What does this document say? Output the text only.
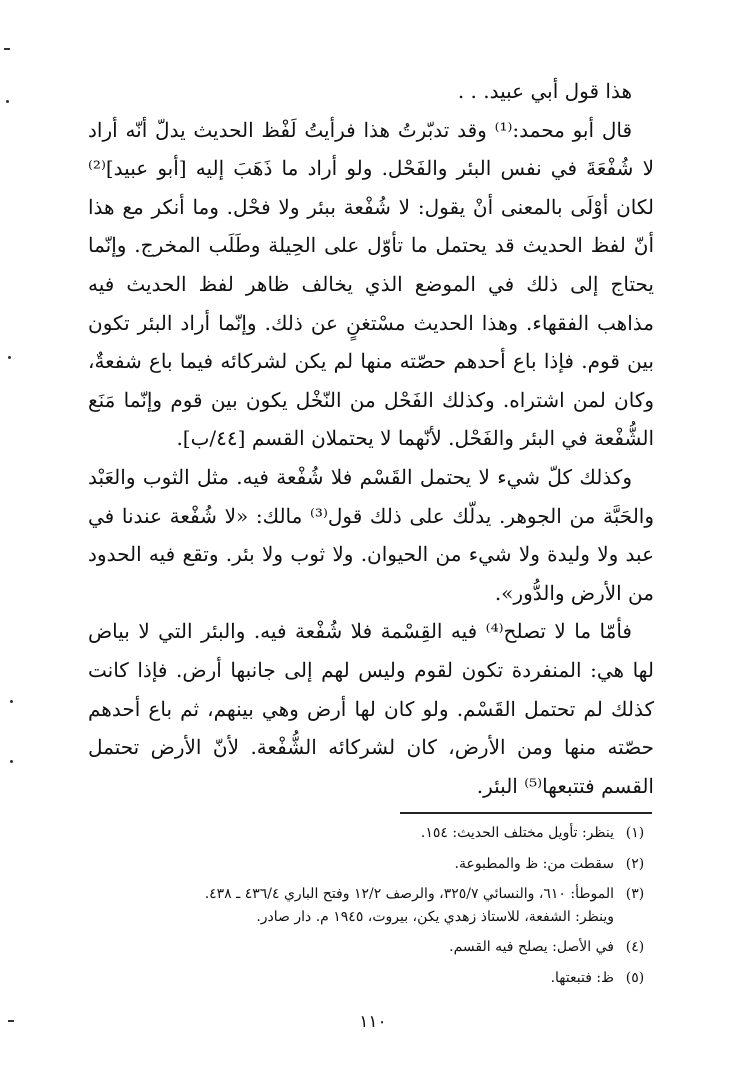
هذا قول أبي عبيد. . .

قال أبو محمد:⁽¹⁾ وقد تدبّرتُ هذا فرأيتُ لَفْظ الحديث يدلّ أنّه أراد لا شُفْعَةَ في نفس البئر والفَحْل. ولو أراد ما ذَهَبَ إليه [أبو عبيد]⁽²⁾ لكان أوْلَى بالمعنى أنْ يقول: لا شُفْعة ببئر ولا فحْل. وما أنكر مع هذا أنّ لفظ الحديث قد يحتمل ما تأوّل على الحِيلة وطَلَب المخرج. وإنّما يحتاج إلى ذلك في الموضع الذي يخالف ظاهر لفظ الحديث فيه مذاهب الفقهاء. وهذا الحديث مسْتغنٍ عن ذلك. وإنّما أراد البئر تكون بين قوم. فإذا باع أحدهم حصّته منها لم يكن لشركائه فيما باع شفعةٌ، وكان لمن اشتراه. وكذلك الفَحْل من النّخْل يكون بين قوم وإنّما مَنَع الشُّفْعة في البئر والفَحْل. لأنّهما لا يحتملان القسم [٤٤/ب].

وكذلك كلّ شيء لا يحتمل القَسْم فلا شُفْعة فيه. مثل الثوب والعَبْد والحَبَّة من الجوهر. يدلّك على ذلك قول⁽³⁾ مالك: «لا شُفْعة عندنا في عبد ولا وليدة ولا شيء من الحيوان. ولا ثوب ولا بئر. وتقع فيه الحدود من الأرض والدُّور».

فأمّا ما لا تصلح⁽⁴⁾ فيه القِسْمة فلا شُفْعة فيه. والبئر التي لا بياض لها هي: المنفردة تكون لقوم وليس لهم إلى جانبها أرض. فإذا كانت كذلك لم تحتمل القَسْم. ولو كان لها أرض وهي بينهم، ثم باع أحدهم حصّته منها ومن الأرض، كان لشركائه الشُّفْعة. لأنّ الأرض تحتمل القسم فتتبعها⁽⁵⁾ البئر.

(١)
ينظر: تأويل مختلف الحديث: ١٥٤.
(٢)
سقطت من: ظ والمطبوعة.
(٣)
الموطأ: ٦١٠، والنسائي ٣٢٥/٧، والرصف ١٢/٢ وفتح الباري ٤٣٦/٤ ـ ٤٣٨.
وينظر: الشفعة، للاستاذ زهدي يكن، بيروت، ١٩٤٥ م. دار صادر.
(٤)
في الأصل: يصلح فيه القسم.
(٥)
ظ: فتبعتها.
١١٠
